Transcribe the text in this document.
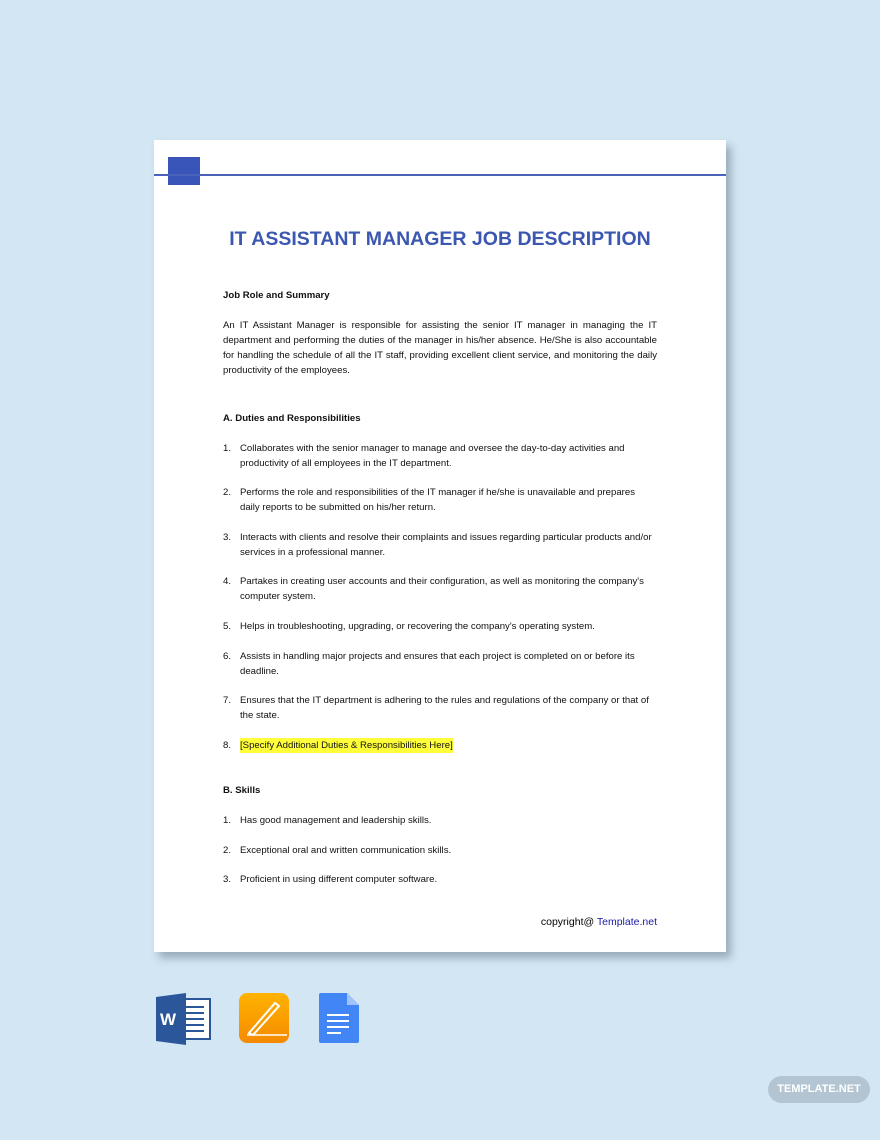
IT ASSISTANT MANAGER JOB DESCRIPTION
Job Role and Summary
An IT Assistant Manager is responsible for assisting the senior IT manager in managing the IT department and performing the duties of the manager in his/her absence. He/She is also accountable for handling the schedule of all the IT staff, providing excellent client service, and monitoring the daily productivity of the employees.
A. Duties and Responsibilities
1. Collaborates with the senior manager to manage and oversee the day-to-day activities and productivity of all employees in the IT department.
2. Performs the role and responsibilities of the IT manager if he/she is unavailable and prepares daily reports to be submitted on his/her return.
3. Interacts with clients and resolve their complaints and issues regarding particular products and/or services in a professional manner.
4. Partakes in creating user accounts and their configuration, as well as monitoring the company's computer system.
5. Helps in troubleshooting, upgrading, or recovering the company's operating system.
6. Assists in handling major projects and ensures that each project is completed on or before its deadline.
7. Ensures that the IT department is adhering to the rules and regulations of the company or that of the state.
8. [Specify Additional Duties & Responsibilities Here]
B. Skills
1. Has good management and leadership skills.
2. Exceptional oral and written communication skills.
3. Proficient in using different computer software.
copyright@ Template.net
W
TEMPLATE.NET
